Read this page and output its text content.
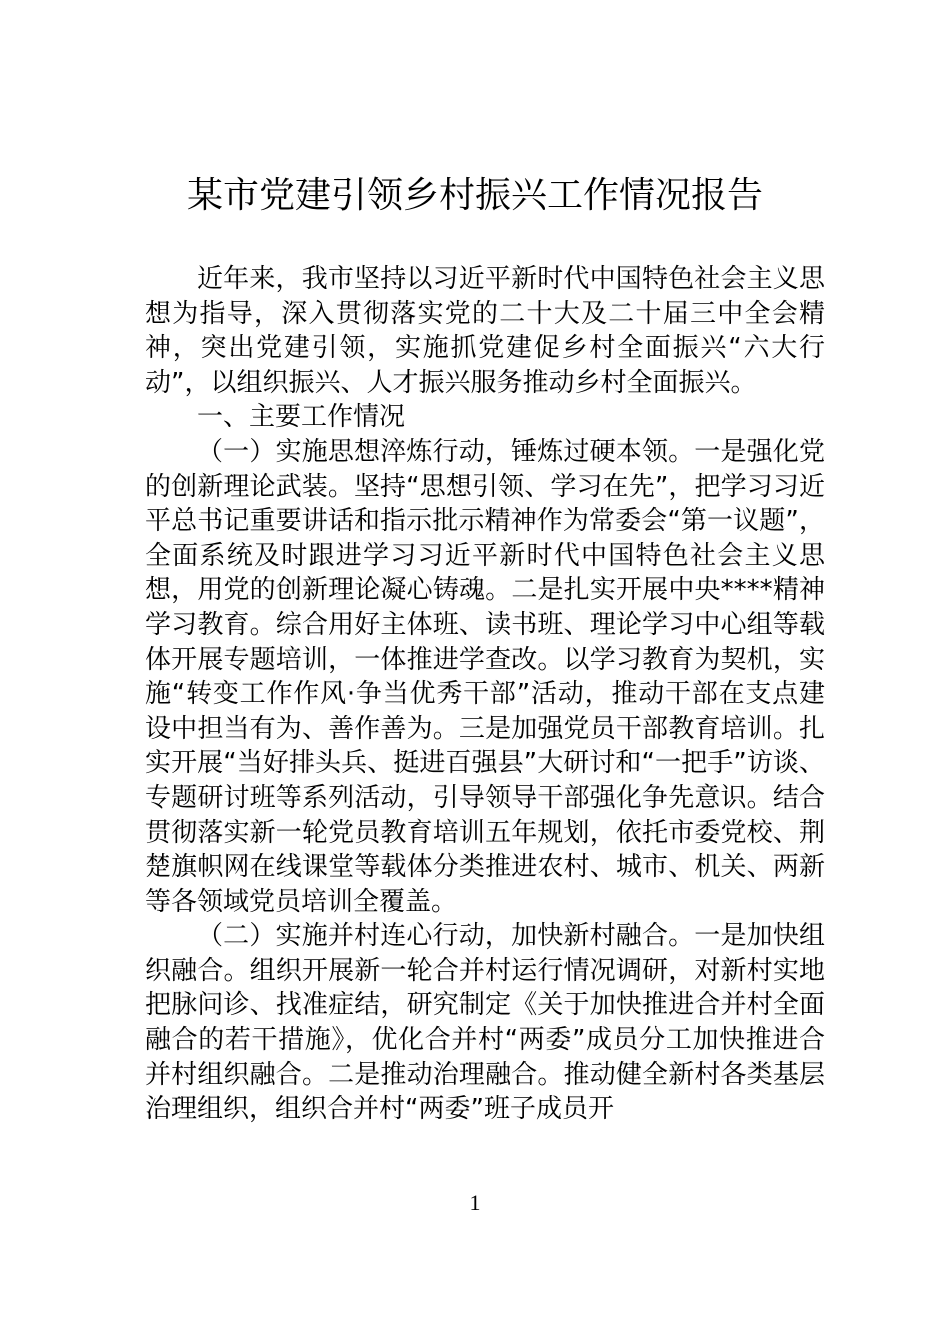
某市党建引领乡村振兴工作情况报告

近年来，我市坚持以习近平新时代中国特色社会主义思想为指导，深入贯彻落实党的二十大及二十届三中全会精神，突出党建引领，实施抓党建促乡村全面振兴“六大行动”，以组织振兴、人才振兴服务推动乡村全面振兴。

一、主要工作情况

（一）实施思想淬炼行动，锤炼过硬本领。一是强化党的创新理论武装。坚持“思想引领、学习在先”，把学习习近平总书记重要讲话和指示批示精神作为常委会“第一议题”，全面系统及时跟进学习习近平新时代中国特色社会主义思想，用党的创新理论凝心铸魂。二是扎实开展中央****精神学习教育。综合用好主体班、读书班、理论学习中心组等载体开展专题培训，一体推进学查改。以学习教育为契机，实施“转变工作作风·争当优秀干部”活动，推动干部在支点建设中担当有为、善作善为。三是加强党员干部教育培训。扎实开展“当好排头兵、挺进百强县”大研讨和“一把手”访谈、专题研讨班等系列活动，引导领导干部强化争先意识。结合贯彻落实新一轮党员教育培训五年规划，依托市委党校、荆楚旗帜网在线课堂等载体分类推进农村、城市、机关、两新等各领域党员培训全覆盖。

（二）实施并村连心行动，加快新村融合。一是加快组织融合。组织开展新一轮合并村运行情况调研，对新村实地把脉问诊、找准症结，研究制定《关于加快推进合并村全面融合的若干措施》，优化合并村“两委”成员分工加快推进合并村组织融合。二是推动治理融合。推动健全新村各类基层治理组织，组织合并村“两委”班子成员开

1
